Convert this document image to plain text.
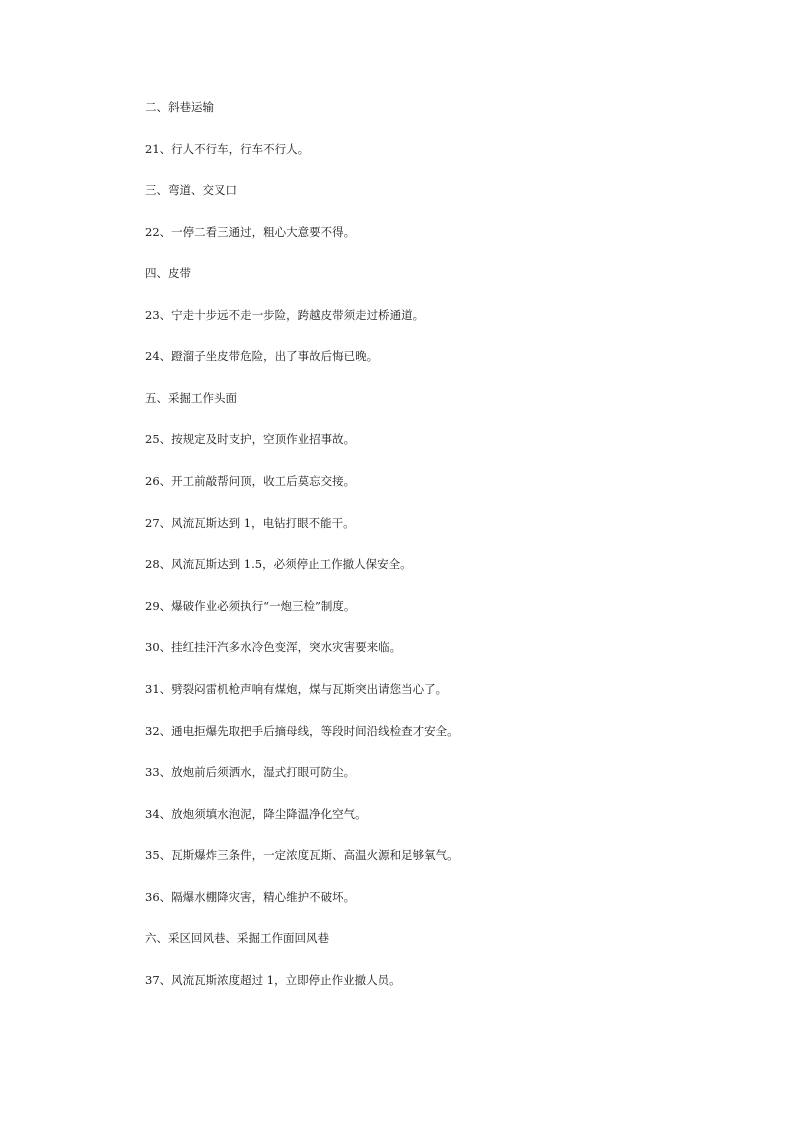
二、斜巷运输
21、行人不行车，行车不行人。
三、弯道、交叉口
22、一停二看三通过，粗心大意要不得。
四、皮带
23、宁走十步远不走一步险，跨越皮带须走过桥通道。
24、蹬溜子坐皮带危险，出了事故后悔已晚。
五、采掘工作头面
25、按规定及时支护，空顶作业招事故。
26、开工前敲帮问顶，收工后莫忘交接。
27、风流瓦斯达到 1，电钻打眼不能干。
28、风流瓦斯达到 1.5，必须停止工作撤人保安全。
29、爆破作业必须执行“一炮三检”制度。
30、挂红挂汗汽多水冷色变浑，突水灾害要来临。
31、劈裂闷雷机枪声响有煤炮，煤与瓦斯突出请您当心了。
32、通电拒爆先取把手后摘母线，等段时间沿线检查才安全。
33、放炮前后须洒水，湿式打眼可防尘。
34、放炮须填水泡泥，降尘降温净化空气。
35、瓦斯爆炸三条件，一定浓度瓦斯、高温火源和足够氧气。
36、隔爆水棚降灾害，精心维护不破坏。
六、采区回风巷、采掘工作面回风巷
37、风流瓦斯浓度超过 1，立即停止作业撤人员。
